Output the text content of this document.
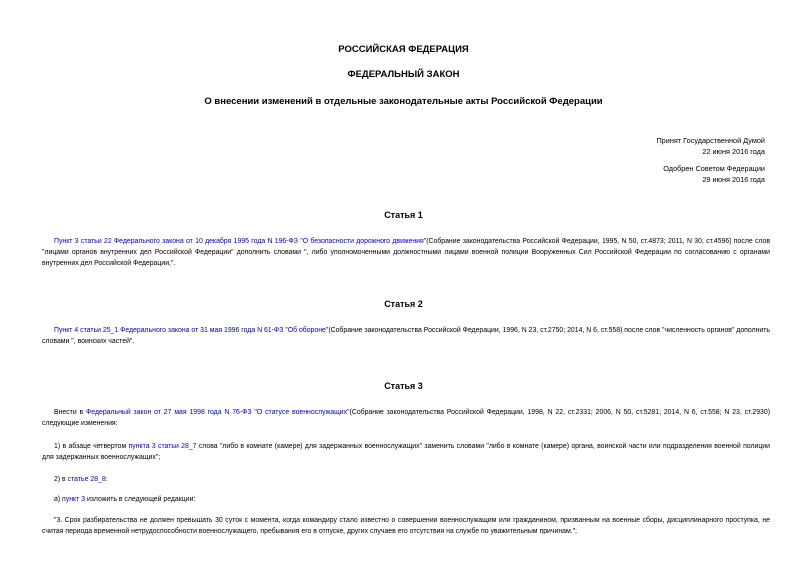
РОССИЙСКАЯ ФЕДЕРАЦИЯ
ФЕДЕРАЛЬНЫЙ ЗАКОН
О внесении изменений в отдельные законодательные акты Российской Федерации
Принят Государственной Думой
22 июня 2016 года
Одобрен Советом Федерации
29 июня 2016 года
Статья 1
Пункт 3 статьи 22 Федерального закона от 10 декабря 1995 года N 196-ФЗ "О безопасности дорожного движения"(Собрание законодательства Российской Федерации, 1995, N 50, ст.4873; 2011, N 30, ст.4596) после слов "лицами органов внутренних дел Российской Федерации" дополнить словами ", либо уполномоченными должностными лицами военной полиции Вооруженных Сил Российской Федерации по согласованию с органами внутренних дел Российской Федерации,".
Статья 2
Пункт 4 статьи 25_1 Федерального закона от 31 мая 1996 года N 61-ФЗ "Об обороне"(Собрание законодательства Российской Федерации, 1996, N 23, ст.2750; 2014, N 6, ст.558) после слов "численность органов" дополнить словами ", воинских частей".
Статья 3
Внести в Федеральный закон от 27 мая 1998 года N 76-ФЗ "О статусе военнослужащих"(Собрание законодательства Российской Федерации, 1998, N 22, ст.2331; 2006, N 50, ст.5281; 2014, N 6, ст.558; N 23, ст.2930) следующие изменения:
1) в абзаце четвертом пункта 3 статьи 28_7 слова "либо в комнате (камере) для задержанных военнослужащих" заменить словами "либо в комнате (камере) органа, воинской части или подразделения военной полиции для задержанных военнослужащих";
2) в статье 28_8:
а) пункт 3 изложить в следующей редакции:
"3. Срок разбирательства не должен превышать 30 суток с момента, когда командиру стало известно о совершении военнослужащим или гражданином, призванным на военные сборы, дисциплинарного проступка, не считая периода временной нетрудоспособности военнослужащего, пребывания его в отпуске, других случаев его отсутствия на службе по уважительным причинам.";
